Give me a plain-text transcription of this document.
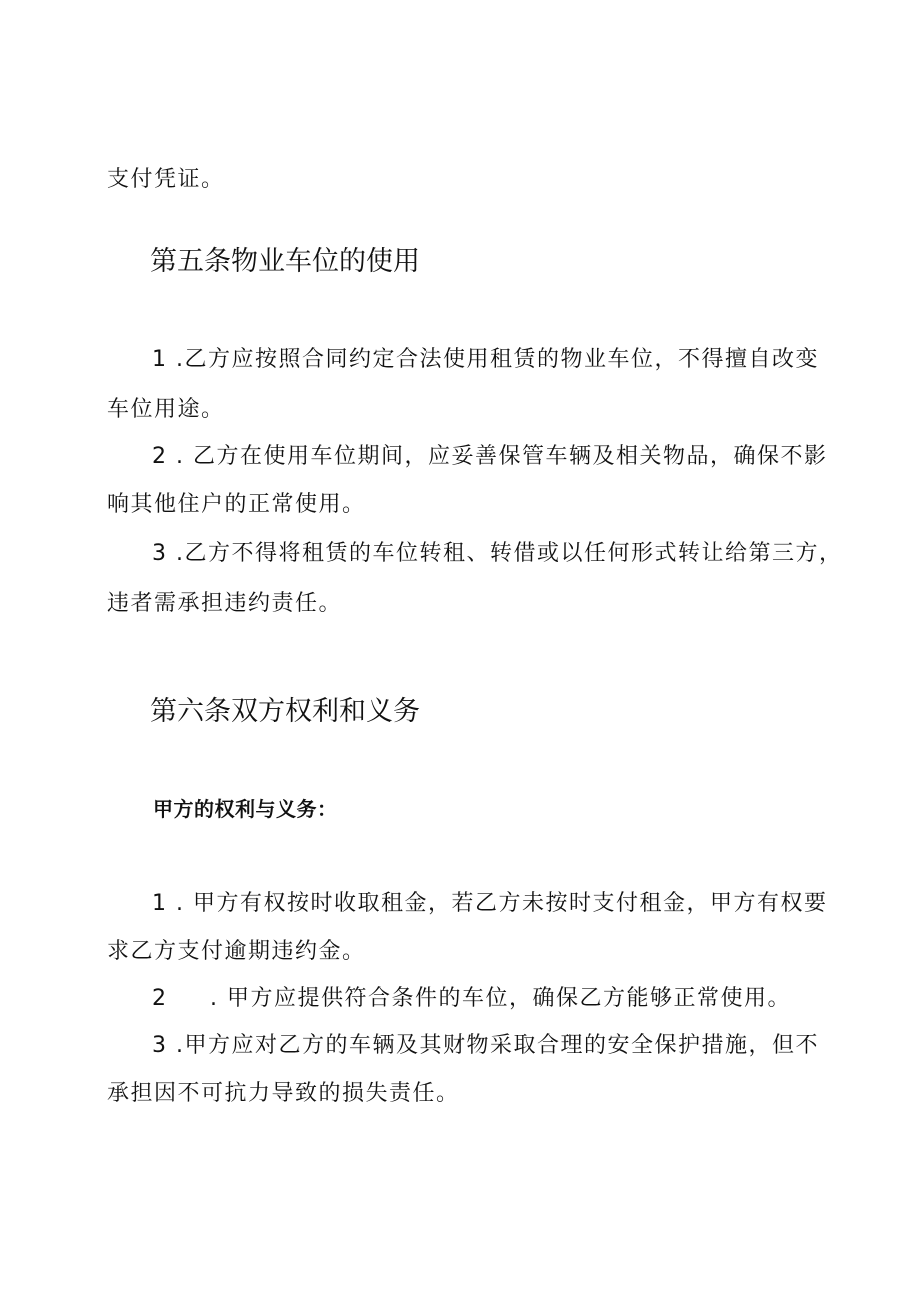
支付凭证。

第五条物业车位的使用

1 .乙方应按照合同约定合法使用租赁的物业车位，不得擅自改变

车位用途。

2 . 乙方在使用车位期间，应妥善保管车辆及相关物品，确保不影

响其他住户的正常使用。

3 .乙方不得将租赁的车位转租、转借或以任何形式转让给第三方，

违者需承担违约责任。

第六条双方权利和义务
甲方的权利与义务：

1 . 甲方有权按时收取租金，若乙方未按时支付租金，甲方有权要

求乙方支付逾期违约金。

2 . 甲方应提供符合条件的车位，确保乙方能够正常使用。

3 .甲方应对乙方的车辆及其财物采取合理的安全保护措施，但不

承担因不可抗力导致的损失责任。
